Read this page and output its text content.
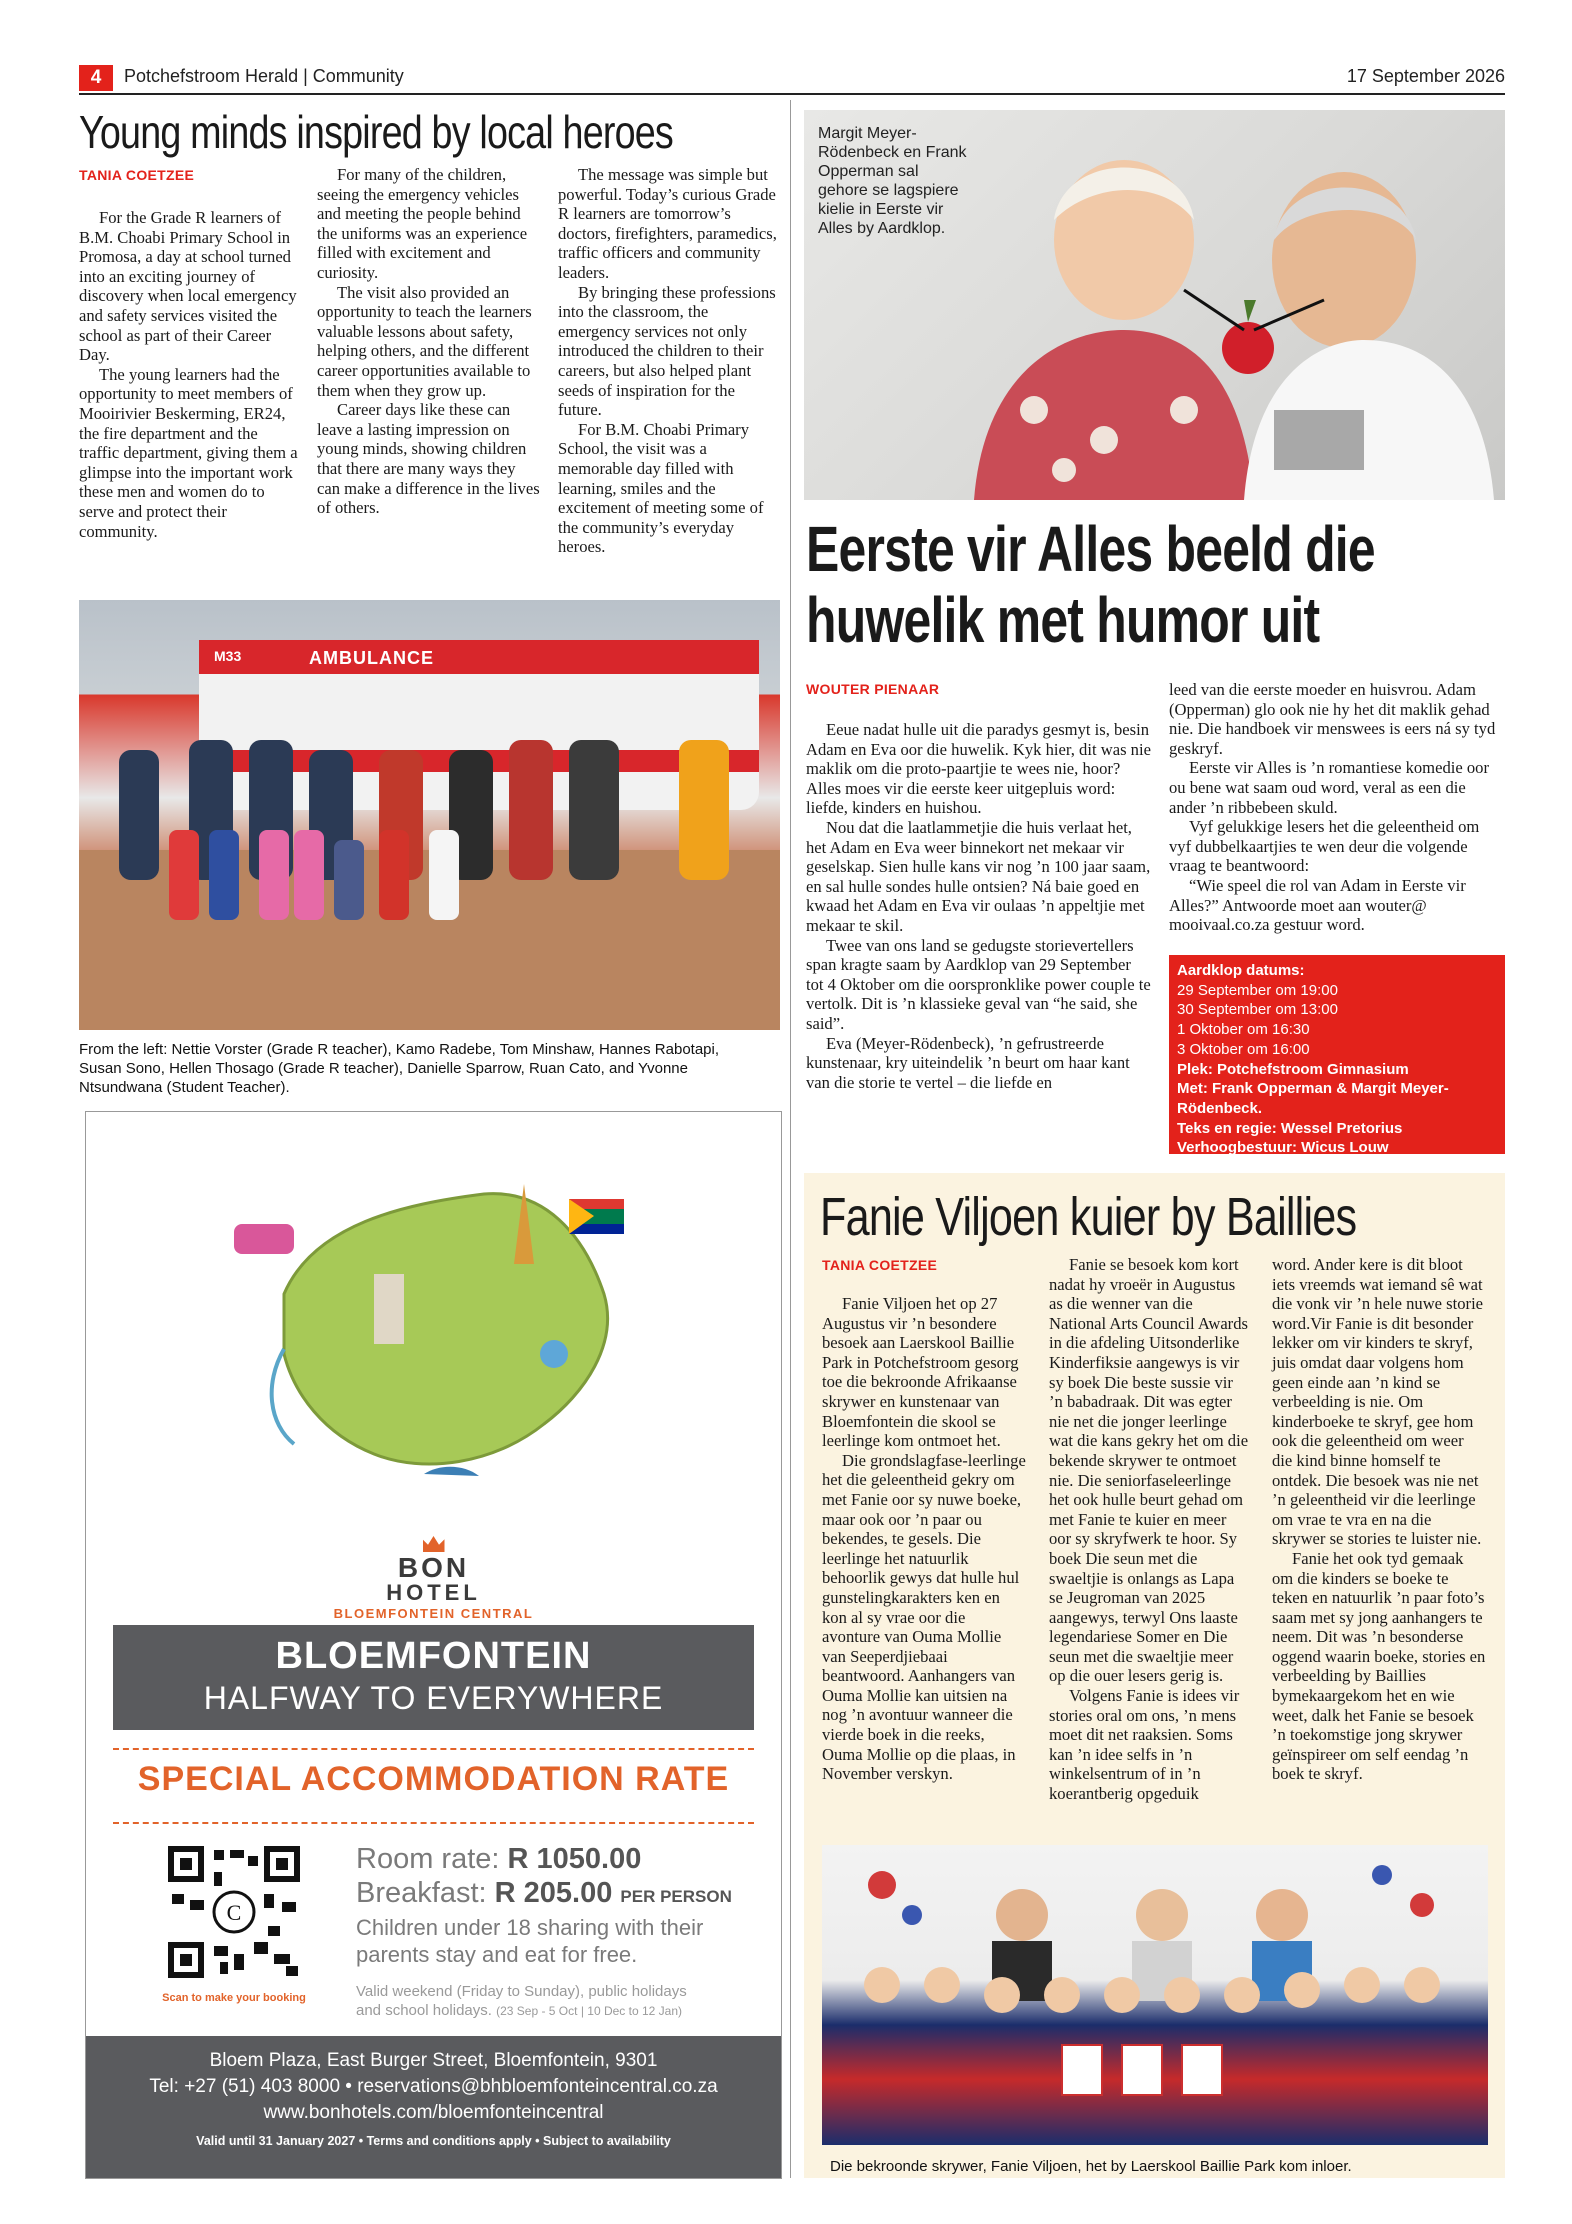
4	Potchefstroom Herald | Community	17 September 2026
Young minds inspired by local heroes
TANIA COETZEE

For the Grade R learners of B.M. Choabi Primary School in Promosa, a day at school turned into an exciting journey of discovery when local emergency and safety services visited the school as part of their Career Day.

The young learners had the opportunity to meet members of Mooirivier Beskerming, ER24, the fire department and the traffic department, giving them a glimpse into the important work these men and women do to serve and protect their community.

For many of the children, seeing the emergency vehicles and meeting the people behind the uniforms was an experience filled with excitement and curiosity.

The visit also provided an opportunity to teach the learners valuable lessons about safety, helping others, and the different career opportunities available to them when they grow up.

Career days like these can leave a lasting impression on young minds, showing children that there are many ways they can make a difference in the lives of others.

The message was simple but powerful. Today’s curious Grade R learners are tomorrow’s doctors, firefighters, paramedics, traffic officers and community leaders.

By bringing these professions into the classroom, the emergency services not only introduced the children to their careers, but also helped plant seeds of inspiration for the future.

For B.M. Choabi Primary School, the visit was a memorable day filled with learning, smiles and the excitement of meeting some of the community’s everyday heroes.

AMBULANCE
M33
From the left: Nettie Vorster (Grade R teacher), Kamo Radebe, Tom Minshaw, Hannes Rabotapi, Susan Sono, Hellen Thosago (Grade R teacher), Danielle Sparrow, Ruan Cato, and Yvonne Ntsundwana (Student Teacher).
BON
HOTEL
BLOEMFONTEIN CENTRAL
BLOEMFONTEIN
HALFWAY TO EVERYWHERE
SPECIAL ACCOMMODATION RATE
C
Scan to make your booking
Room rate: R 1050.00
Breakfast: R 205.00 PER PERSON
Children under 18 sharing with their parents stay and eat for free.
Valid weekend (Friday to Sunday), public holidays
and school holidays. (23 Sep - 5 Oct | 10 Dec to 12 Jan)
Bloem Plaza, East Burger Street, Bloemfontein, 9301
Tel: +27 (51) 403 8000 • reservations@bhbloemfonteincentral.co.za
www.bonhotels.com/bloemfonteincentral
Valid until 31 January 2027 • Terms and conditions apply • Subject to availability
Margit Meyer-Rödenbeck en Frank Opperman sal gehore se lagspiere kielie in Eerste vir Alles by Aardklop.
Eerste vir Alles beeld die
huwelik met humor uit
WOUTER PIENAAR

Eeue nadat hulle uit die paradys gesmyt is, besin Adam en Eva oor die huwelik. Kyk hier, dit was nie maklik om die proto-paartjie te wees nie, hoor? Alles moes vir die eerste keer uitgepluis word: liefde, kinders en huishou.

Nou dat die laatlammetjie die huis verlaat het, het Adam en Eva weer binnekort net mekaar vir geselskap. Sien hulle kans vir nog ’n 100 jaar saam, en sal hulle sondes hulle ontsien? Ná baie goed en kwaad het Adam en Eva vir oulaas ’n appeltjie met mekaar te skil.

Twee van ons land se gedugste storievertellers span kragte saam by Aardklop van 29 September tot 4 Oktober om die oorspronklike power couple te vertolk. Dit is ’n klassieke geval van “he said, she said”.

Eva (Meyer-Rödenbeck), ’n gefrustreerde kunstenaar, kry uiteindelik ’n beurt om haar kant van die storie te vertel – die liefde en

leed van die eerste moeder en huisvrou. Adam (Opperman) glo ook nie hy het dit maklik gehad nie. Die handboek vir menswees is eers ná sy tyd geskryf.

Eerste vir Alles is ’n romantiese komedie oor ou bene wat saam oud word, veral as een die ander ’n ribbebeen skuld.

Vyf gelukkige lesers het die geleentheid om vyf dubbelkaartjies te wen deur die volgende vraag te beantwoord:

“Wie speel die rol van Adam in Eerste vir Alles?” Antwoorde moet aan wouter@ mooivaal.co.za gestuur word.

Aardklop datums:
29 September om 19:00
30 September om 13:00
1 Oktober om 16:30
3 Oktober om 16:00
Plek: Potchefstroom Gimnasium
Met: Frank Opperman & Margit Meyer-Rödenbeck.
Teks en regie: Wessel Pretorius
Verhoogbestuur: Wicus Louw
Fanie Viljoen kuier by Baillies
TANIA COETZEE

Fanie Viljoen het op 27 Augustus vir ’n besondere besoek aan Laerskool Baillie Park in Potchefstroom gesorg toe die bekroonde Afrikaanse skrywer en kunstenaar van Bloemfontein die skool se leerlinge kom ontmoet het.

Die grondslagfase-leerlinge het die geleentheid gekry om met Fanie oor sy nuwe boeke, maar ook oor ’n paar ou bekendes, te gesels. Die leerlinge het natuurlik behoorlik gewys dat hulle hul gunstelingkarakters ken en kon al sy vrae oor die avonture van Ouma Mollie van Seeperdjiebaai beantwoord. Aanhangers van Ouma Mollie kan uitsien na nog ’n avontuur wanneer die vierde boek in die reeks, Ouma Mollie op die plaas, in November verskyn.

Fanie se besoek kom kort nadat hy vroeër in Augustus as die wenner van die National Arts Council Awards in die afdeling Uitsonderlike Kinderfiksie aangewys is vir sy boek Die beste sussie vir ’n babadraak. Dit was egter nie net die jonger leerlinge wat die kans gekry het om die bekende skrywer te ontmoet nie. Die seniorfaseleerlinge het ook hulle beurt gehad om met Fanie te kuier en meer oor sy skryfwerk te hoor. Sy boek Die seun met die swaeltjie is onlangs as Lapa se Jeugroman van 2025 aangewys, terwyl Ons laaste legendariese Somer en Die seun met die swaeltjie meer op die ouer lesers gerig is.

Volgens Fanie is idees vir stories oral om ons, ’n mens moet dit net raaksien. Soms kan ’n idee selfs in ’n winkelsentrum of in ’n koerantberig opgeduik

word. Ander kere is dit bloot iets vreemds wat iemand sê wat die vonk vir ’n hele nuwe storie word.Vir Fanie is dit besonder lekker om vir kinders te skryf, juis omdat daar volgens hom geen einde aan ’n kind se verbeelding is nie. Om kinderboeke te skryf, gee hom ook die geleentheid om weer die kind binne homself te ontdek. Die besoek was nie net ’n geleentheid vir die leerlinge om vrae te vra en na die skrywer se stories te luister nie.

Fanie het ook tyd gemaak om die kinders se boeke te teken en natuurlik ’n paar foto’s saam met sy jong aanhangers te neem. Dit was ’n besonderse oggend waarin boeke, stories en verbeelding by Baillies bymekaargekom het en wie weet, dalk het Fanie se besoek ’n toekomstige jong skrywer geïnspireer om self eendag ’n boek te skryf.

Die bekroonde skrywer, Fanie Viljoen, het by Laerskool Baillie Park kom inloer.
